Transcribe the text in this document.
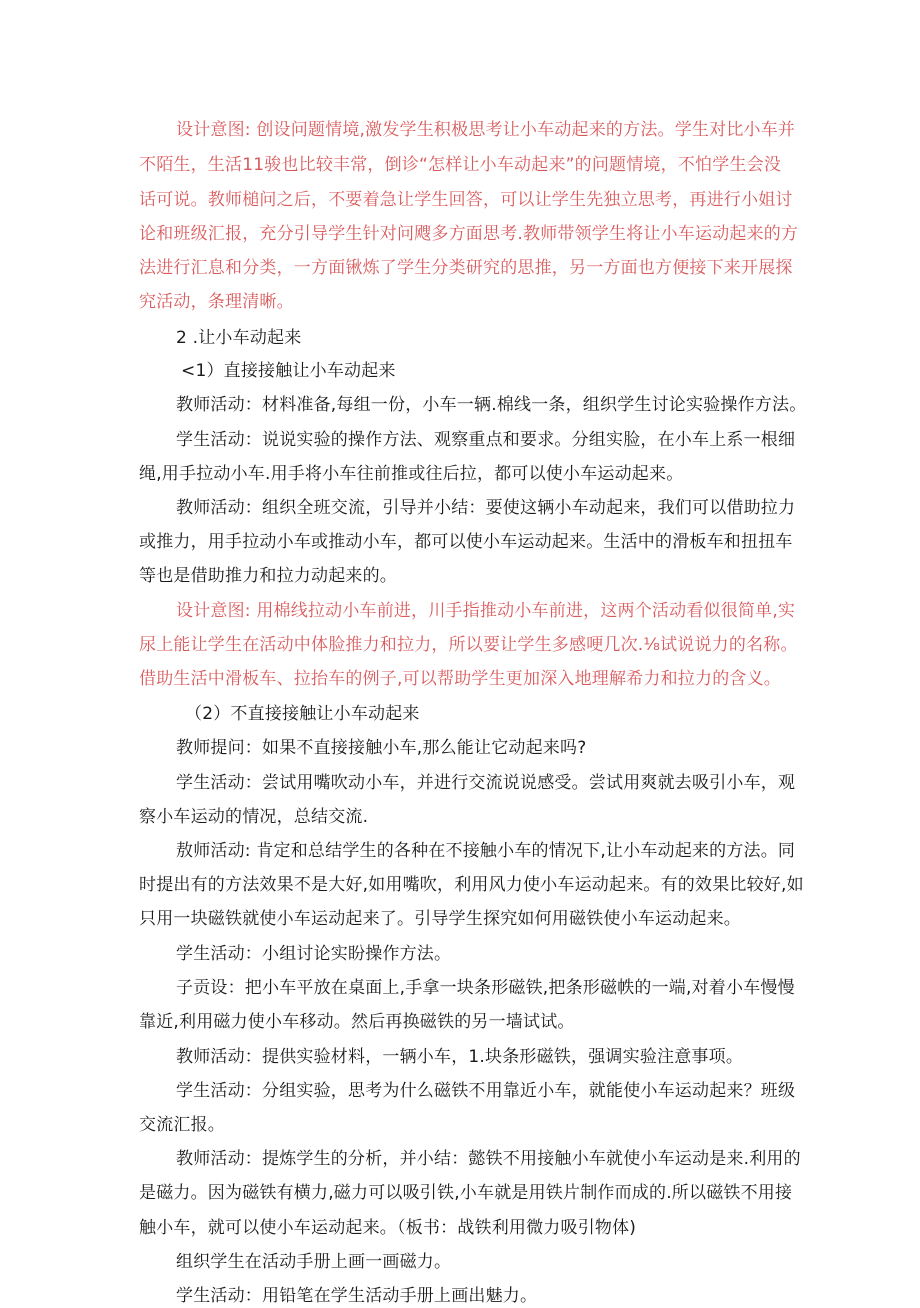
设计意图: 创设问题情境,激发学生积极思考让小车动起来的方法。学生对比小车并
不陌生，生活11骏也比较丰常，倒诊“怎样让小车动起来”的问题情境，不怕学生会没
话可说。教师槌问之后，不要着急让学生回答，可以让学生先独立思考，再进行小姐讨
论和班级汇报，充分引导学生针对问飕多方面思考.教师带领学生将让小车运动起来的方
法进行汇息和分类，一方面锹炼了学生分类研究的思推，另一方面也方便接下来开展探
究活动，条理清晰。
2 .让小车动起来
<1）直接接触让小车动起来
教师活动：材料准备,每组一份，小车一辆.棉线一条，组织学生讨论实验操作方法。
学生活动：说说实验的操作方法、观察重点和要求。分组实脸，在小车上系一根细
绳,用手拉动小车.用手将小车往前推或往后拉，都可以使小车运动起来。
教师活动：组织全班交流，引导并小结：要使这辆小车动起来，我们可以借助拉力
或推力，用手拉动小车或推动小车，都可以使小车运动起来。生活中的滑板车和扭扭车
等也是借助推力和拉力动起来的。
设计意图: 用棉线拉动小车前进，川手指推动小车前进，这两个活动看似很简单,实
尿上能让学生在活动中体脸推力和拉力，所以要让学生多感哽几次.⅛试说说力的名称。
借助生活中滑板车、拉抬车的例子,可以帮助学生更加深入地理解希力和拉力的含义。
（2）不直接接触让小车动起来
教师提问：如果不直接接触小车,那么能让它动起来吗?
学生活动：尝试用嘴吹动小车，并进行交流说说感受。尝试用爽就去吸引小车，观
察小车运动的情况，总结交流.
敖师活动: 肯定和总结学生的各种在不接触小车的情况下,让小车动起来的方法。同
时提出有的方法效果不是大好,如用嘴吹，利用风力使小车运动起来。有的效果比较好,如
只用一块磁铁就使小车运动起来了。引导学生探究如何用磁铁使小车运动起来。
学生活动：小组讨论实盼操作方法。
子贡设：把小车平放在桌面上,手拿一块条形磁铁,把条形磁帙的一端,对着小车慢慢
靠近,利用磁力使小车移动。然后再换磁铁的另一墙试试。
教师活动：提供实验材料，一辆小车，1.块条形磁铁，强调实验注意事项。
学生活动：分组实验，思考为什么磁铁不用靠近小车，就能使小车运动起来？班级
交流汇报。
教师活动：提炼学生的分析，并小结：懿铁不用接触小车就使小车运动是来.利用的
是磁力。因为磁铁有横力,磁力可以吸引铁,小车就是用铁片制作而成的.所以磁铁不用接
触小车，就可以使小车运动起来。（板书：战铁利用微力吸引物体)
组织学生在活动手册上画一画磁力。
学生活动：用铅笔在学生活动手册上画出魅力。
